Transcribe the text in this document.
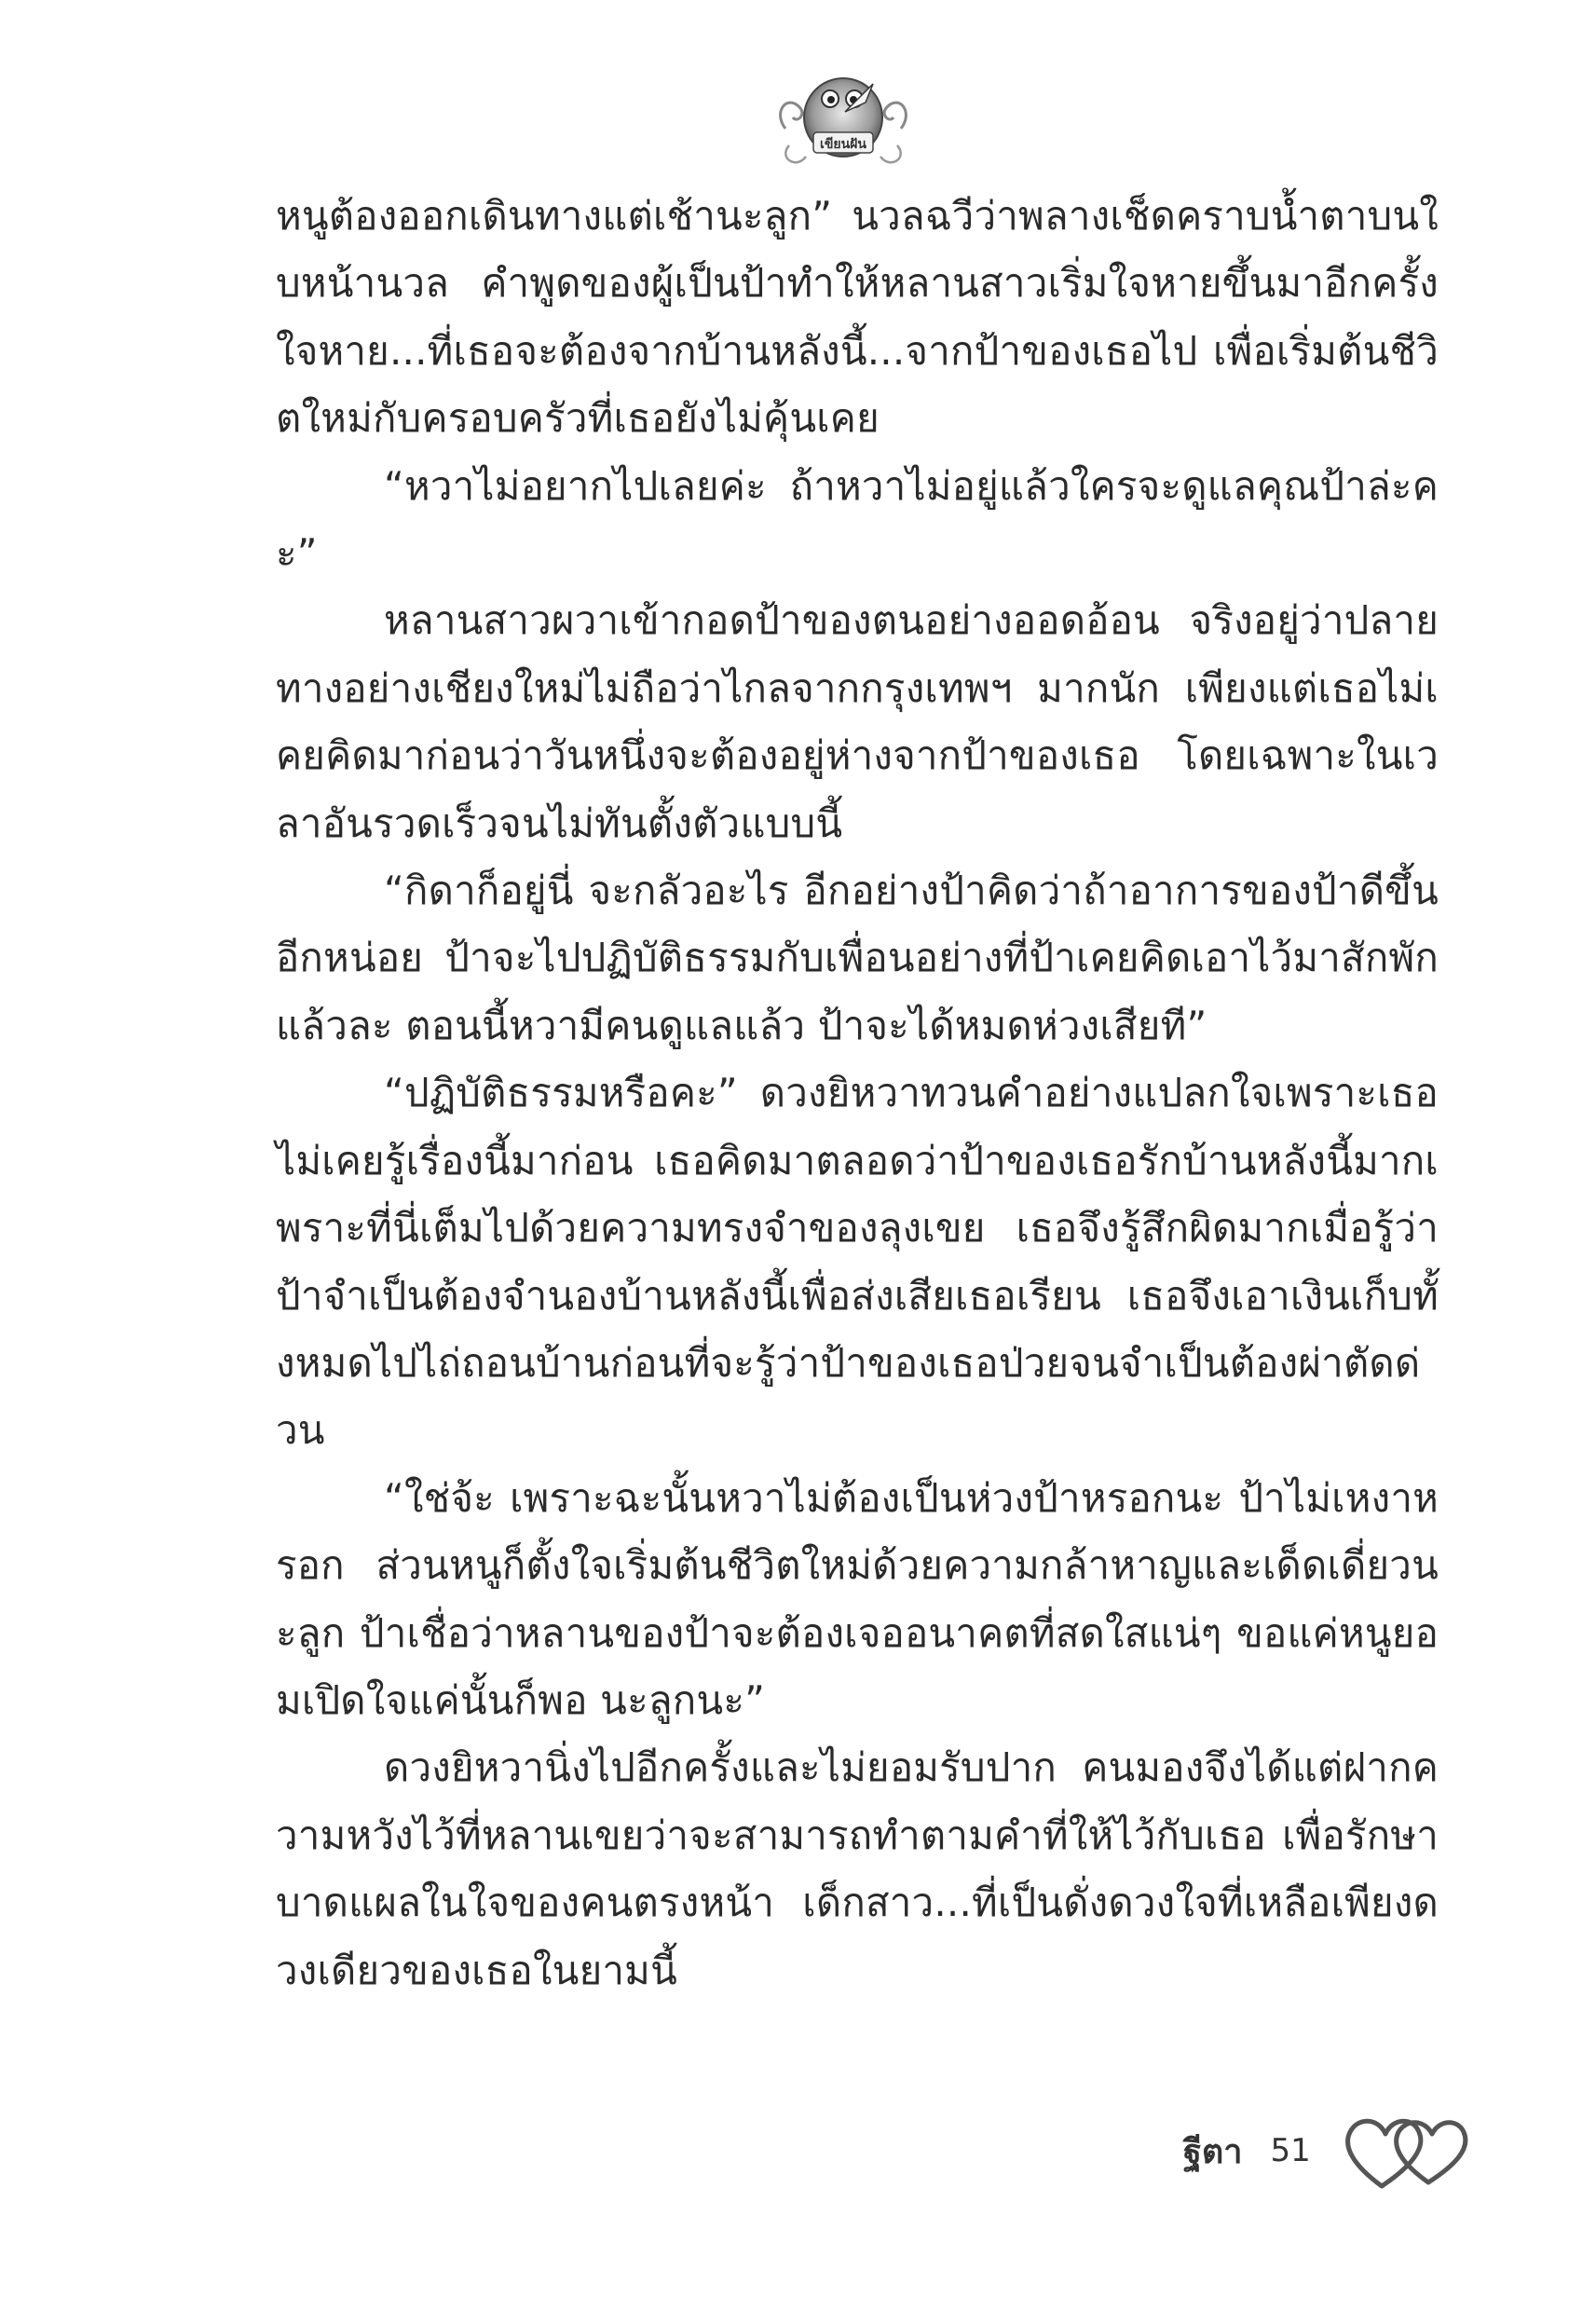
เขียนฝัน

หนูต้องออกเดินทางแต่เช้านะลูก” นวลฉวีว่าพลางเช็ดคราบน้ำตาบนใบหน้านวล คำพูดของผู้เป็นป้าทำให้หลานสาวเริ่มใจหายขึ้นมาอีกครั้ง ใจหาย...ที่เธอจะต้องจากบ้านหลังนี้...จากป้าของเธอไป เพื่อเริ่มต้นชีวิตใหม่กับครอบครัวที่เธอยังไม่คุ้นเคย

“หวาไม่อยากไปเลยค่ะ ถ้าหวาไม่อยู่แล้วใครจะดูแลคุณป้าล่ะคะ”

หลานสาวผวาเข้ากอดป้าของตนอย่างออดอ้อน จริงอยู่ว่าปลายทางอย่างเชียงใหม่ไม่ถือว่าไกลจากกรุงเทพฯ มากนัก เพียงแต่เธอไม่เคยคิดมาก่อนว่าวันหนึ่งจะต้องอยู่ห่างจากป้าของเธอ โดยเฉพาะในเวลาอันรวดเร็วจนไม่ทันตั้งตัวแบบนี้

“กิดาก็อยู่นี่ จะกลัวอะไร อีกอย่างป้าคิดว่าถ้าอาการของป้าดีขึ้นอีกหน่อย ป้าจะไปปฏิบัติธรรมกับเพื่อนอย่างที่ป้าเคยคิดเอาไว้มาสักพักแล้วละ ตอนนี้หวามีคนดูแลแล้ว ป้าจะได้หมดห่วงเสียที”

“ปฏิบัติธรรมหรือคะ” ดวงยิหวาทวนคำอย่างแปลกใจเพราะเธอไม่เคยรู้เรื่องนี้มาก่อน เธอคิดมาตลอดว่าป้าของเธอรักบ้านหลังนี้มากเพราะที่นี่เต็มไปด้วยความทรงจำของลุงเขย เธอจึงรู้สึกผิดมากเมื่อรู้ว่าป้าจำเป็นต้องจำนองบ้านหลังนี้เพื่อส่งเสียเธอเรียน เธอจึงเอาเงินเก็บทั้งหมดไปไถ่ถอนบ้านก่อนที่จะรู้ว่าป้าของเธอป่วยจนจำเป็นต้องผ่าตัดด่วน

“ใช่จ้ะ เพราะฉะนั้นหวาไม่ต้องเป็นห่วงป้าหรอกนะ ป้าไม่เหงาหรอก ส่วนหนูก็ตั้งใจเริ่มต้นชีวิตใหม่ด้วยความกล้าหาญและเด็ดเดี่ยวนะลูก ป้าเชื่อว่าหลานของป้าจะต้องเจออนาคตที่สดใสแน่ๆ ขอแค่หนูยอมเปิดใจแค่นั้นก็พอ นะลูกนะ”

ดวงยิหวานิ่งไปอีกครั้งและไม่ยอมรับปาก คนมองจึงได้แต่ฝากความหวังไว้ที่หลานเขยว่าจะสามารถทำตามคำที่ให้ไว้กับเธอ เพื่อรักษาบาดแผลในใจของคนตรงหน้า เด็กสาว...ที่เป็นดั่งดวงใจที่เหลือเพียงดวงเดียวของเธอในยามนี้

ฐีตา 51
